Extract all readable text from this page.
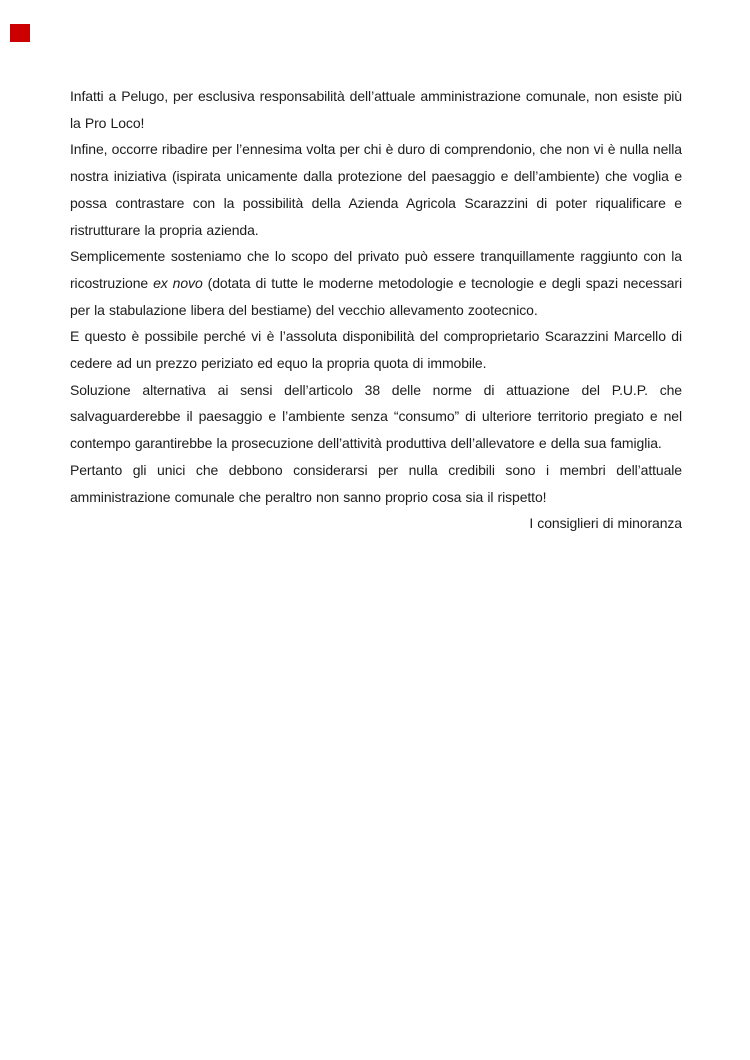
Infatti a Pelugo, per esclusiva responsabilità dell’attuale amministrazione comunale, non esiste più la Pro Loco!

Infine, occorre ribadire per l’ennesima volta per chi è duro di comprendonio, che non vi è nulla nella nostra iniziativa (ispirata unicamente dalla protezione del paesaggio e dell’ambiente) che voglia e possa contrastare con la possibilità della Azienda Agricola Scarazzini di poter riqualificare e ristrutturare la propria azienda.

Semplicemente sosteniamo che lo scopo del privato può essere tranquillamente raggiunto con la ricostruzione ex novo (dotata di tutte le moderne metodologie e tecnologie e degli spazi necessari per la stabulazione libera del bestiame) del vecchio allevamento zootecnico.

E questo è possibile perché vi è l’assoluta disponibilità del comproprietario Scarazzini Marcello di cedere ad un prezzo periziato ed equo la propria quota di immobile.

Soluzione alternativa ai sensi dell’articolo 38 delle norme di attuazione del P.U.P. che salvaguarderebbe il paesaggio e l’ambiente senza “consumo” di ulteriore territorio pregiato e nel contempo garantirebbe la prosecuzione dell’attività produttiva dell’allevatore e della sua famiglia.

Pertanto gli unici che debbono considerarsi per nulla credibili sono i membri dell’attuale amministrazione comunale che peraltro non sanno proprio cosa sia il rispetto!

I consiglieri di minoranza
